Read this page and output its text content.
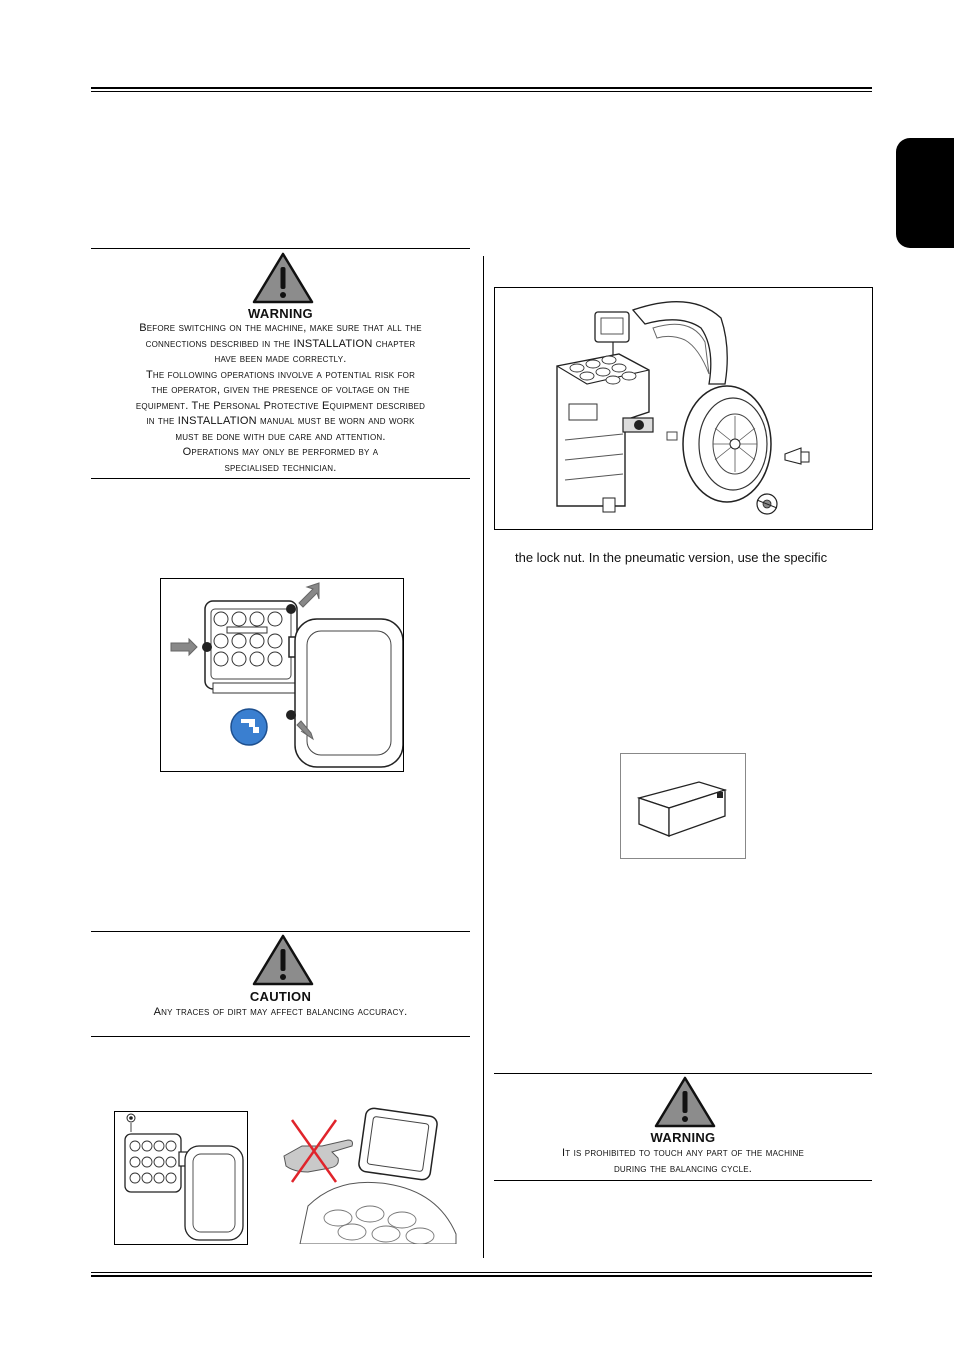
WARNING
Before switching on the machine, make sure that all the
connections described in the INSTALLATION chapter
have been made correctly.
The following operations involve a potential risk for
the operator, given the presence of voltage on the
equipment. The Personal Protective Equipment described
in the INSTALLATION manual must be worn and work
must be done with due care and attention.
Operations may only be performed by a
specialised technician.
CAUTION
Any traces of dirt may affect balancing accuracy.
the lock nut. In the pneumatic version, use the specific
WARNING
It is prohibited to touch any part of the machine
during the balancing cycle.
